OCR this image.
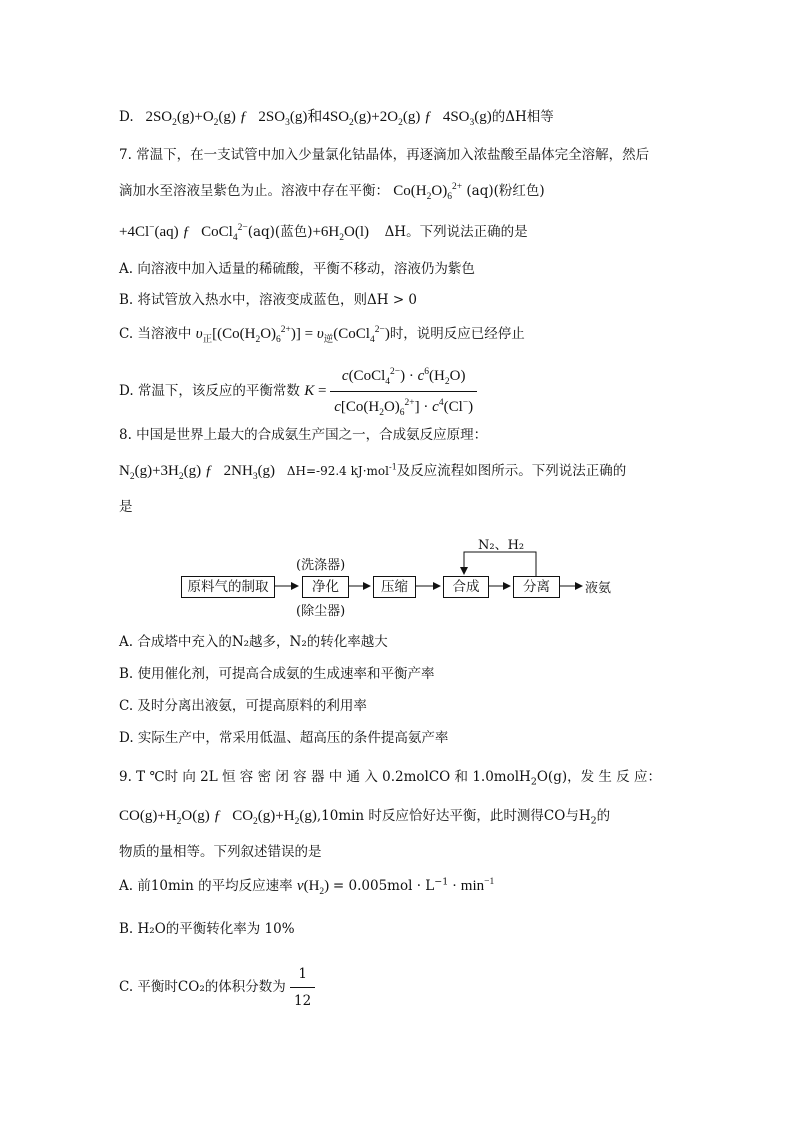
D.   $2SO_2(g)+O_2(g)$ ƒ   $2SO_3(g)$和$4SO_2(g)+2O_2(g)$ ƒ   $4SO_3(g)$的ΔH相等
7. 常温下，在一支试管中加入少量氯化钴晶体，再逐滴加入浓盐酸至晶体完全溶解，然后
滴加水至溶液呈紫色为止。溶液中存在平衡： $Co(H_2O)_6^{2+}$ (aq)(粉红色)
+4Cl−(aq) ƒ   CoCl$_4^{2-}$(aq)(蓝色)$+6H_2O(l)$    ΔH。下列说法正确的是
A. 向溶液中加入适量的稀硫酸，平衡不移动，溶液仍为紫色
B. 将试管放入热水中，溶液变成蓝色，则ΔH > 0
C. 当溶液中 $\upsilon_正[(Co(H_2O)_6^{2+})]$ = $\upsilon_逆(CoCl_4^{2-})$时，说明反应已经停止
D. 常温下，该反应的平衡常数 $K = \frac{c(CoCl_4^{2-}) \cdot c^6(H_2O)}{c[Co(H_2O)_6^{2+}] \cdot c^4(Cl^-)}$
8. 中国是世界上最大的合成氨生产国之一，合成氨反应原理：
$N_2(g)+3H_2(g)$ ƒ   $2NH_3(g)$   ΔH=-92.4 kJ·mol$^{-1}$及反应流程如图所示。下列说法正确的
是
原料气的制取	净化	压缩	合成	分离
(洗涤器)
(除尘器)
N₂、H₂
液氨
A. 合成塔中充入的N₂越多，N₂的转化率越大
B. 使用催化剂，可提高合成氨的生成速率和平衡产率
C. 及时分离出液氨，可提高原料的利用率
D. 实际生产中，常采用低温、超高压的条件提高氨产率
9. T ℃时 向 2L 恒 容 密 闭 容 器 中 通 入 0.2molCO 和 1.0molH$_2$O(g)，发 生 反 应：
$CO(g)+H_2O(g)$ ƒ   $CO_2(g)+H_2(g),10\min$ 时反应恰好达平衡，此时测得CO与$H_2$的
物质的量相等。下列叙述错误的是
A. 前10min 的平均反应速率 $v(H_2) = 0.005mol \cdot L^{-1} \cdot \min^{-1}$
B. H₂O的平衡转化率为 10%
C. 平衡时CO₂的体积分数为 $\frac{1}{12}$
